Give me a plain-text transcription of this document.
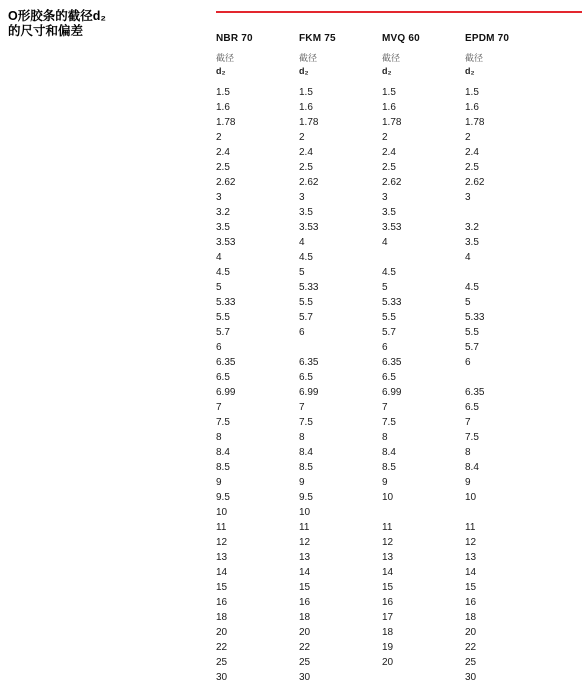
O形胶条的截径d₂
的尺寸和偏差
NBR 70
截径
d₂
1.5
1.6
1.78
2
2.4
2.5
2.62
3
3.2
3.5
3.53
4
4.5
5
5.33
5.5
5.7
6
6.35
6.5
6.99
7
7.5
8
8.4
8.5
9
9.5
10
11
12
13
14
15
16
18
20
22
25
30
FKM 75
截径
d₂
1.5
1.6
1.78
2
2.4
2.5
2.62
3
3.5
3.53
4
4.5
5
5.33
5.5
5.7
6
6.35
6.5
6.99
7
7.5
8
8.4
8.5
9
9.5
10
11
12
13
14
15
16
18
20
22
25
30
MVQ 60
截径
d₂
1.5
1.6
1.78
2
2.4
2.5
2.62
3
3.5
3.53
4
4.5
5
5.33
5.5
5.7
6
6.35
6.5
6.99
7
7.5
8
8.4
8.5
9
10
11
12
13
14
15
16
17
18
19
20
EPDM 70
截径
d₂
1.5
1.6
1.78
2
2.4
2.5
2.62
3
3.2
3.5
4
4.5
5
5.33
5.5
5.7
6
6.35
6.5
7
7.5
8
8.4
9
10
11
12
13
14
15
16
18
20
22
25
30
